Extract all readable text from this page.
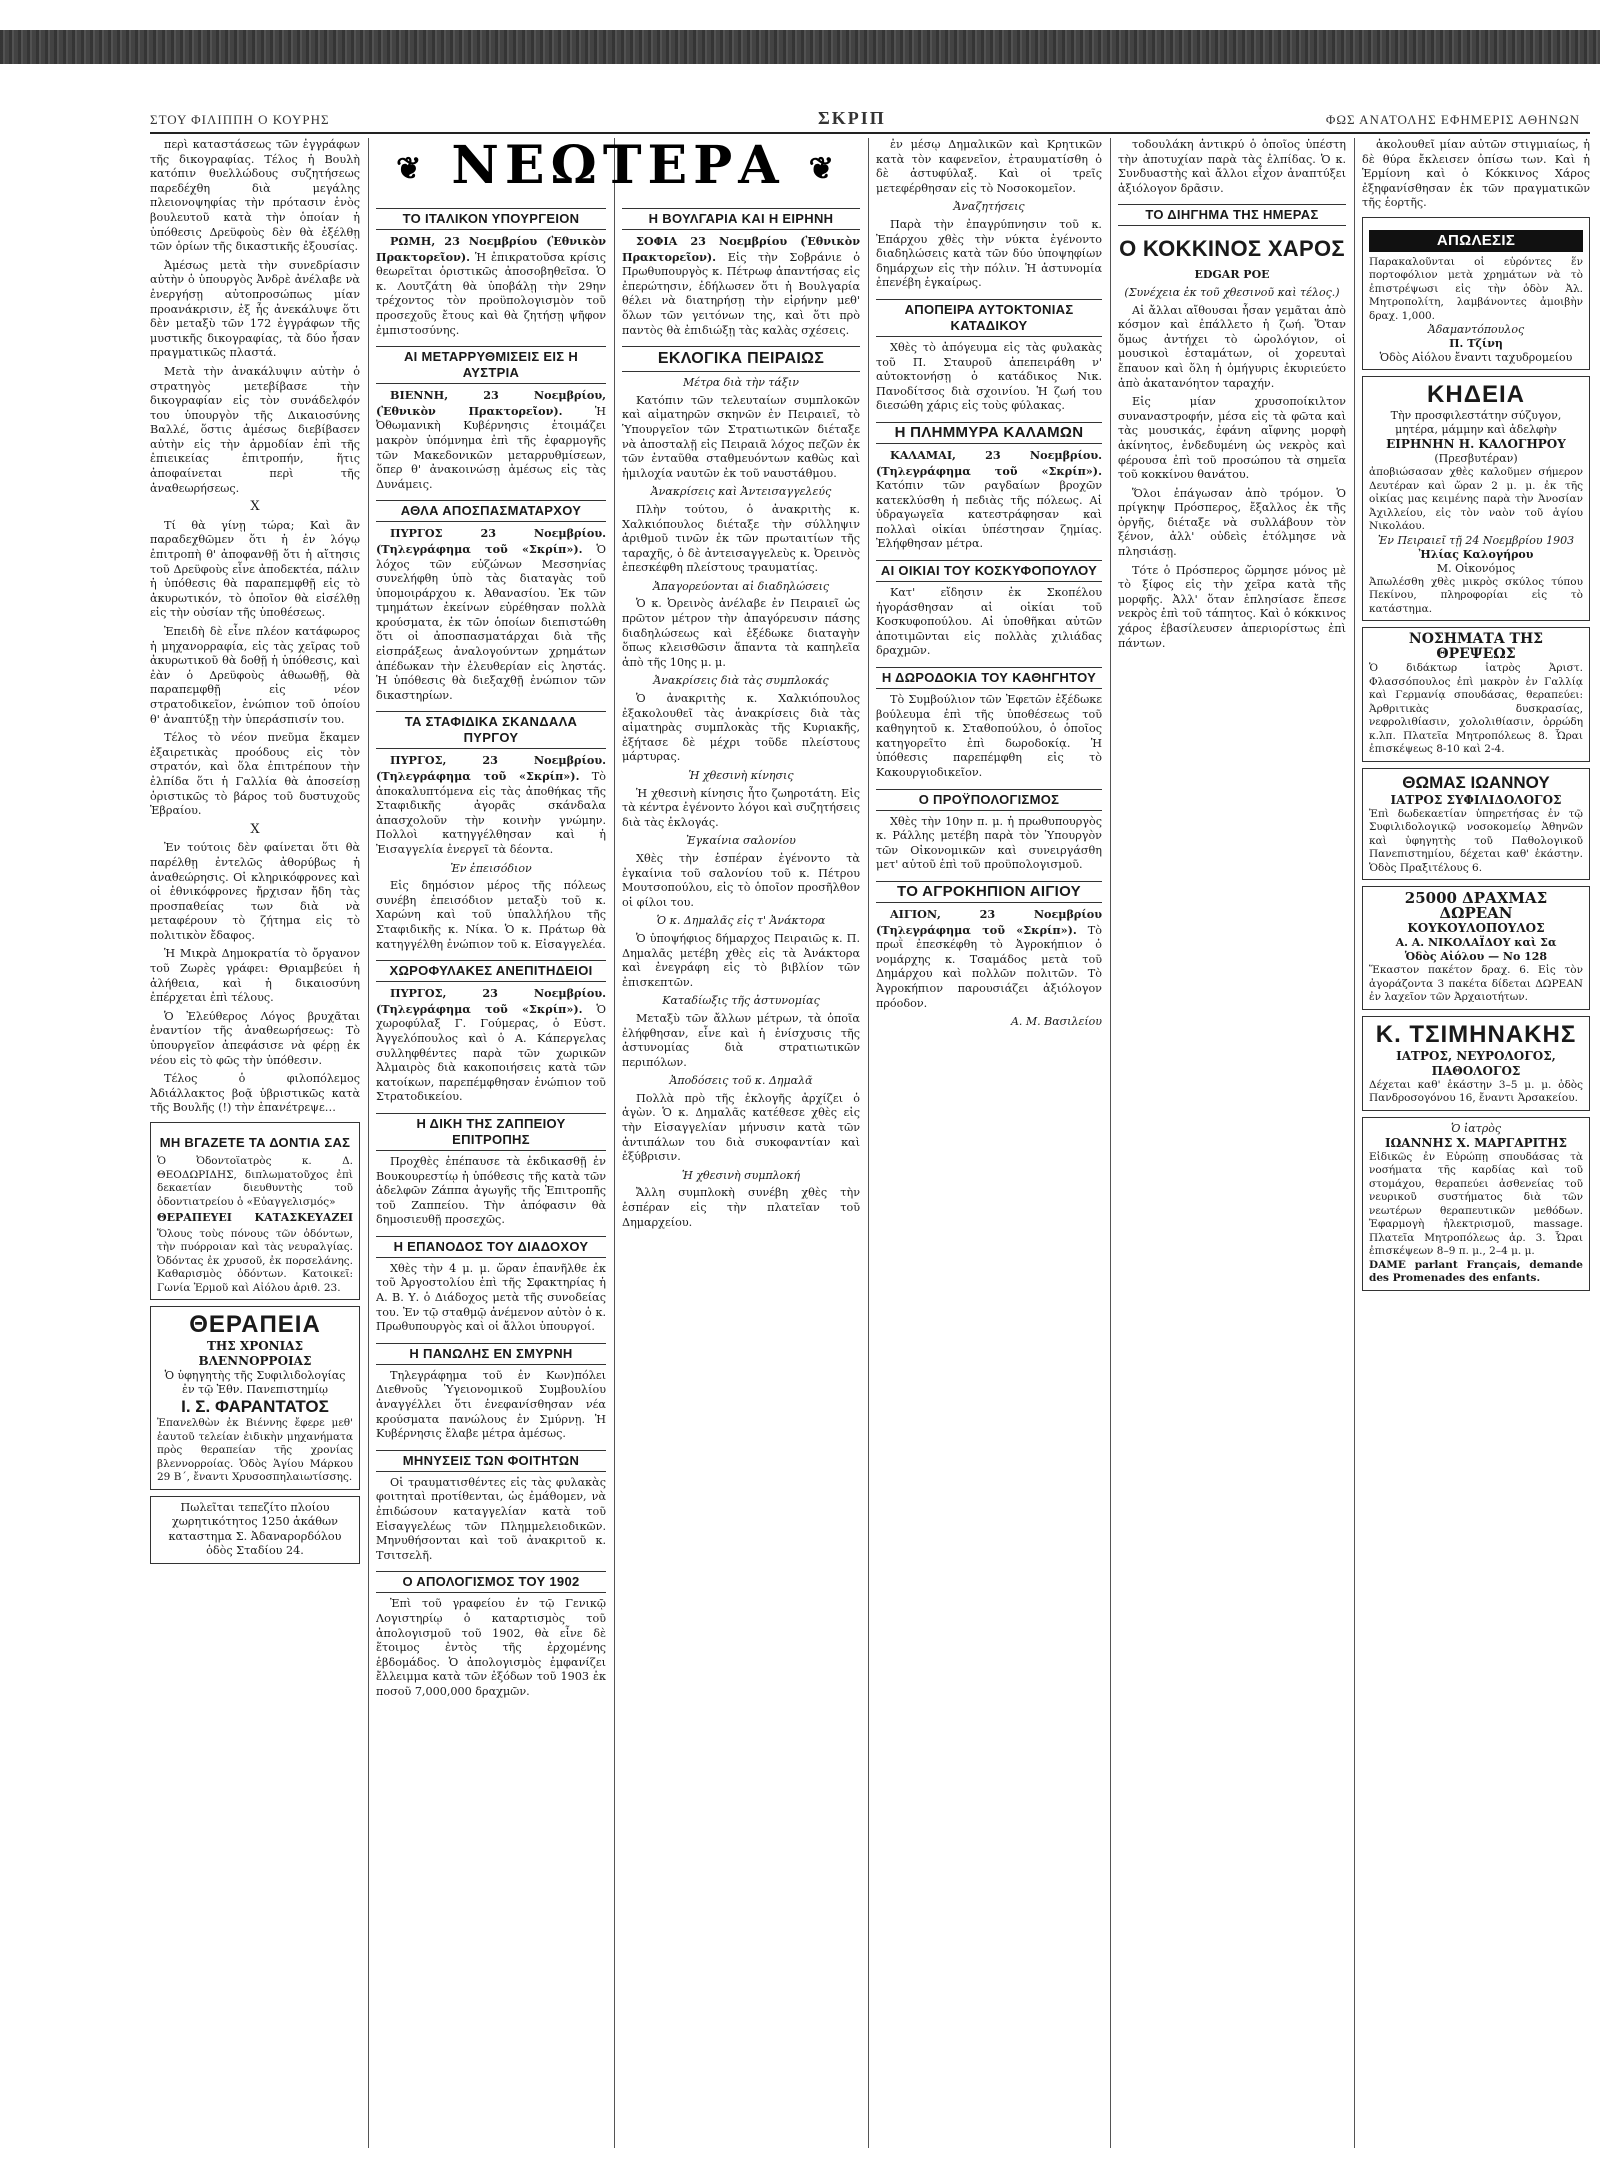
ΣΤΟΥ ΦΙΛΙΠΠΗ Ο ΚΟΥΡΗΣ	ΣΚΡΙΠ	ΦΩΣ ΑΝΑΤΟΛΗΣ ΕΦΗΜΕΡΙΣ ΑΘΗΝΩΝ
❦ ΝΕΩΤΕΡΑ ❦

περὶ καταστάσεως τῶν ἐγγράφων τῆς δικογραφίας. Τέλος ἡ Βουλὴ κατόπιν θυελλώδους συζητήσεως παρεδέχθη διὰ μεγάλης πλειονοψηφίας τὴν πρότασιν ἑνὸς βουλευτοῦ κατὰ τὴν ὁποίαν ἡ ὑπόθεσις Δρεϋφοὺς δὲν θὰ ἐξέλθῃ τῶν ὁρίων τῆς δικαστικῆς ἐξουσίας.

Ἀμέσως μετὰ τὴν συνεδρίασιν αὐτὴν ὁ ὑπουργὸς Ἀνδρὲ ἀνέλαβε νὰ ἐνεργήσῃ αὐτοπροσώπως μίαν προανάκρισιν, ἐξ ἧς ἀνεκάλυψε ὅτι δὲν μεταξὺ τῶν 172 ἐγγράφων τῆς μυστικῆς δικογραφίας, τὰ δύο ἦσαν πραγματικῶς πλαστά.

Μετὰ τὴν ἀνακάλυψιν αὐτὴν ὁ στρατηγὸς μετεβίβασε τὴν δικογραφίαν εἰς τὸν συνάδελφόν του ὑπουργὸν τῆς Δικαιοσύνης Βαλλέ, ὅστις ἀμέσως διεβίβασεν αὐτὴν εἰς τὴν ἁρμοδίαν ἐπὶ τῆς ἐπιεικείας ἐπιτροπήν, ἥτις ἀποφαίνεται περὶ τῆς ἀναθεωρήσεως.

Χ

Τί θὰ γίνῃ τώρα; Καὶ ἂν παραδεχθῶμεν ὅτι ἡ ἐν λόγῳ ἐπιτροπὴ θ' ἀποφανθῇ ὅτι ἡ αἴτησις τοῦ Δρεϋφοὺς εἶνε ἀποδεκτέα, πάλιν ἡ ὑπόθεσις θὰ παραπεμφθῇ εἰς τὸ ἀκυρωτικόν, τὸ ὁποῖον θὰ εἰσέλθῃ εἰς τὴν οὐσίαν τῆς ὑποθέσεως.

Ἐπειδὴ δὲ εἶνε πλέον κατάφωρος ἡ μηχανορραφία, εἰς τὰς χεῖρας τοῦ ἀκυρωτικοῦ θὰ δοθῇ ἡ ὑπόθεσις, καὶ ἐὰν ὁ Δρεϋφοὺς ἀθωωθῇ, θὰ παραπεμφθῇ εἰς νέον στρατοδικεῖον, ἐνώπιον τοῦ ὁποίου θ' ἀναπτύξῃ τὴν ὑπεράσπισίν του.

Τέλος τὸ νέον πνεῦμα ἔκαμεν ἐξαιρετικὰς προόδους εἰς τὸν στρατόν, καὶ ὅλα ἐπιτρέπουν τὴν ἐλπίδα ὅτι ἡ Γαλλία θὰ ἀποσείσῃ ὁριστικῶς τὸ βάρος τοῦ δυστυχοῦς Ἑβραίου.

Χ

Ἐν τούτοις δὲν φαίνεται ὅτι θὰ παρέλθῃ ἐντελῶς ἀθορύβως ἡ ἀναθεώρησις. Οἱ κληρικόφρονες καὶ οἱ ἐθνικόφρονες ἤρχισαν ἤδη τὰς προσπαθείας των διὰ νὰ μεταφέρουν τὸ ζήτημα εἰς τὸ πολιτικὸν ἔδαφος.

Ἡ Μικρὰ Δημοκρατία τὸ ὄργανον τοῦ Ζωρὲς γράφει: Θριαμβεύει ἡ ἀλήθεια, καὶ ἡ δικαιοσύνη ἐπέρχεται ἐπὶ τέλους.

Ὁ Ἐλεύθερος Λόγος βρυχᾶται ἐναντίον τῆς ἀναθεωρήσεως: Τὸ ὑπουργεῖον ἀπεφάσισε νὰ φέρῃ ἐκ νέου εἰς τὸ φῶς τὴν ὑπόθεσιν.

Τέλος ὁ φιλοπόλεμος Ἀδιάλλακτος βοᾷ ὑβριστικῶς κατὰ τῆς Βουλῆς (!) τὴν ἐπανέτρεψε…

ΜΗ ΒΓΑΖΕΤΕ ΤΑ ΔΟΝΤΙΑ ΣΑΣ
Ὁ Ὀδοντοϊατρὸς κ. Δ. ΘΕΟΔΩΡΙΔΗΣ, διπλωματοῦχος ἐπὶ δεκαετίαν διευθυντὴς τοῦ ὀδοντιατρείου ὁ «Εὐαγγελισμός»
ΘΕΡΑΠΕΥΕΙ ΚΑΤΑΣΚΕΥΑΖΕΙ
Ὅλους τοὺς πόνους τῶν ὀδόντων, τὴν πυόρροιαν καὶ τὰς νευραλγίας. Ὀδόντας ἐκ χρυσοῦ, ἐκ πορσελάνης. Καθαρισμὸς ὀδόντων. Κατοικεῖ: Γωνία Ἑρμοῦ καὶ Αἰόλου ἀριθ. 23.
ΘΕΡΑΠΕΙΑ
ΤΗΣ ΧΡΟΝΙΑΣ ΒΛΕΝΝΟΡΡΟΙΑΣ
Ὁ ὑφηγητὴς τῆς Συφιλιδολογίας ἐν τῷ Ἐθν. Πανεπιστημίῳ
Ι. Σ. ΦΑΡΑΝΤΑΤΟΣ
Ἐπανελθὼν ἐκ Βιέννης ἔφερε μεθ' ἑαυτοῦ τελείαν ἐιδικὴν μηχανήματα πρὸς θεραπείαν τῆς χρονίας βλεννορροίας. Ὁδὸς Ἁγίου Μάρκου 29 Β΄, ἔναντι Χρυσοσπηλαιωτίσσης.
Πωλεῖται τεπεζίτο πλοίου χωρητικότητος 1250 ἀκάθων καταστημα Σ. Ἀδαναρορδόλου ὁδὸς Σταδίου 24.
ΤΟ ΙΤΑΛΙΚΟΝ ΥΠΟΥΡΓΕΙΟΝ

ΡΩΜΗ, 23 Νοεμβρίου (Ἐθνικὸν Πρακτορεῖον). Ἡ ἐπικρατοῦσα κρίσις θεωρεῖται ὁριστικῶς ἀποσοβηθεῖσα. Ὁ κ. Λουτζάτη θὰ ὑποβάλῃ τὴν 29ην τρέχοντος τὸν προϋπολογισμὸν τοῦ προσεχοῦς ἔτους καὶ θὰ ζητήσῃ ψῆφον ἐμπιστοσύνης.

ΑΙ ΜΕΤΑΡΡΥΘΜΙΣΕΙΣ ΕΙΣ Η ΑΥΣΤΡΙΑ

ΒΙΕΝΝΗ, 23 Νοεμβρίου, (Ἐθνικὸν Πρακτορεῖον).	Ἡ Ὀθωμανικὴ Κυβέρνησις ἑτοιμάζει μακρὸν ὑπόμνημα ἐπὶ τῆς ἐφαρμογῆς τῶν Μακεδονικῶν μεταρρυθμίσεων, ὅπερ θ' ἀνακοινώσῃ ἀμέσως εἰς τὰς Δυνάμεις.

ΑΘΛΑ ΑΠΟΣΠΑΣΜΑΤΑΡΧΟΥ

ΠΥΡΓΟΣ 23 Νοεμβρίου. (Τηλεγράφημα τοῦ «Σκρίπ»). Ὁ λόχος τῶν εὐζώνων Μεσσηνίας συνελήφθη ὑπὸ τὰς διαταγὰς τοῦ ὑπομοιράρχου κ. Ἀθανασίου. Ἐκ τῶν τμημάτων ἐκείνων εὐρέθησαν πολλὰ κρούσματα, ἐκ τῶν ὁποίων διεπιστώθη ὅτι οἱ ἀποσπασματάρχαι διὰ τῆς εἰσπράξεως ἀναλογούντων χρημάτων ἀπέδωκαν τὴν ἐλευθερίαν εἰς ληστάς. Ἡ ὑπόθεσις θὰ διεξαχθῇ ἐνώπιον τῶν δικαστηρίων.

ΤΑ ΣΤΑΦΙΔΙΚΑ ΣΚΑΝΔΑΛΑ ΠΥΡΓΟΥ

ΠΥΡΓΟΣ, 23 Νοεμβρίου. (Τηλεγράφημα τοῦ «Σκρίπ»). Τὸ ἀποκαλυπτόμενα εἰς τὰς ἀποθήκας τῆς Σταφιδικῆς ἀγορᾶς σκάνδαλα ἀπασχολοῦν τὴν κοινὴν γνώμην. Πολλοὶ κατηγγέλθησαν καὶ ἡ Ἐισαγγελία ἐνεργεῖ τὰ δέοντα.

Ἐν ἐπεισόδιον

Εἰς δημόσιον μέρος τῆς πόλεως συνέβη ἐπεισόδιον μεταξὺ τοῦ κ. Χαρώνη καὶ τοῦ ὑπαλλήλου τῆς Σταφιδικῆς κ. Νίκα. Ὁ κ. Πράτωρ θὰ κατηγγέλθη ἐνώπιον τοῦ κ. Εἰσαγγελέα.

ΧΩΡΟΦΥΛΑΚΕΣ ΑΝΕΠΙΤΗΔΕΙΟΙ

ΠΥΡΓΟΣ, 23 Νοεμβρίου. (Τηλεγράφημα τοῦ «Σκρίπ»). Ὁ χωροφύλαξ Γ. Γούμερας, ὁ Εὐστ. Ἀγγελόπουλος καὶ ὁ Α. Κάπεργελας συλληφθέντες παρὰ τῶν χωρικῶν Ἀλμαιρὸς διὰ κακοποιήσεις κατὰ τῶν κατοίκων, παρεπέμφθησαν ἐνώπιον τοῦ Στρατοδικείου.

Η ΔΙΚΗ ΤΗΣ ΖΑΠΠΕΙΟΥ ΕΠΙΤΡΟΠΗΣ

Προχθὲς ἐπέπαυσε τὰ ἐκδικασθῇ ἐν Βουκουρεστίῳ ἡ ὑπόθεσις τῆς κατὰ τῶν ἀδελφῶν Ζάππα ἀγωγῆς τῆς Ἐπιτροπῆς τοῦ Ζαππείου. Τὴν ἀπόφασιν θὰ δημοσιευθῇ προσεχῶς.

Η ΕΠΑΝΟΔΟΣ ΤΟΥ ΔΙΑΔΟΧΟΥ

Χθὲς τὴν 4 μ. μ. ὥραν ἐπανῆλθε ἐκ τοῦ Ἀργοστολίου ἐπὶ τῆς Σφακτηρίας ἡ Α. Β. Υ. ὁ Διάδοχος μετὰ τῆς συνοδείας του. Ἐν τῷ σταθμῷ ἀνέμενον αὐτὸν ὁ κ. Πρωθυπουργὸς καὶ οἱ ἄλλοι ὑπουργοί.

Η ΠΑΝΩΛΗΣ ΕΝ ΣΜΥΡΝΗ

Τηλεγράφημα τοῦ ἐν Κων)πόλει Διεθνοῦς Ὑγειονομικοῦ Συμβουλίου ἀναγγέλλει ὅτι ἐνεφανίσθησαν νέα κρούσματα πανώλους ἐν Σμύρνῃ. Ἡ Κυβέρνησις ἔλαβε μέτρα ἀμέσως.

ΜΗΝΥΣΕΙΣ ΤΩΝ ΦΟΙΤΗΤΩΝ

Οἱ τραυματισθέντες εἰς τὰς φυλακὰς φοιτηταὶ προτίθενται, ὡς ἐμάθομεν, νὰ ἐπιδώσουν καταγγελίαν κατὰ τοῦ Εἰσαγγελέως τῶν Πλημμελειοδικῶν. Μηνυθήσονται καὶ τοῦ ἀνακριτοῦ κ. Τσιτσελῆ.

Ο ΑΠΟΛΟΓΙΣΜΟΣ ΤΟΥ 1902

Ἐπὶ τοῦ γραφείου ἐν τῷ Γενικῷ Λογιστηρίῳ ὁ καταρτισμὸς τοῦ ἀπολογισμοῦ τοῦ 1902, θὰ εἶνε δὲ ἕτοιμος ἐντὸς τῆς ἐρχομένης ἑβδομάδος. Ὁ ἀπολογισμὸς ἐμφανίζει ἔλλειμμα κατὰ τῶν ἐξόδων τοῦ 1903 ἐκ ποσοῦ 7,000,000 δραχμῶν.

Η ΒΟΥΛΓΑΡΙΑ ΚΑΙ Η ΕΙΡΗΝΗ

ΣΟΦΙΑ 23 Νοεμβρίου (Ἐθνικὸν Πρακτορεῖον). Εἰς τὴν Σοβράνιε ὁ Πρωθυπουργὸς κ. Πέτρωφ ἀπαντήσας εἰς ἐπερώτησιν, ἐδήλωσεν ὅτι ἡ Βουλγαρία θέλει νὰ διατηρήσῃ τὴν εἰρήνην μεθ' ὅλων τῶν γειτόνων της, καὶ ὅτι πρὸ παντὸς θὰ ἐπιδιώξῃ τὰς καλὰς σχέσεις.

ΕΚΛΟΓΙΚΑ ΠΕΙΡΑΙΩΣ
Μέτρα διὰ τὴν τάξιν

Κατόπιν τῶν τελευταίων συμπλοκῶν καὶ αἱματηρῶν σκηνῶν ἐν Πειραιεῖ, τὸ Ὑπουργεῖον τῶν Στρατιωτικῶν διέταξε νὰ ἀποσταλῇ εἰς Πειραιᾶ λόχος πεζῶν ἐκ τῶν ἐνταῦθα σταθμευόντων καθὼς καὶ ἡμιλοχία ναυτῶν ἐκ τοῦ ναυστάθμου.

Ἀνακρίσεις καὶ Ἀντεισαγγελεύς

Πλὴν τούτου, ὁ ἀνακριτὴς κ. Χαλκιόπουλος διέταξε τὴν σύλληψιν ἀριθμοῦ τινῶν ἐκ τῶν πρωταιτίων τῆς ταραχῆς, ὁ δὲ ἀντεισαγγελεὺς κ. Ὀρεινὸς ἐπεσκέφθη πλείστους τραυματίας.

Ἀπαγορεύονται αἱ διαδηλώσεις

Ὁ κ. Ὀρεινὸς ἀνέλαβε ἐν Πειραιεῖ ὡς πρῶτον μέτρον τὴν ἀπαγόρευσιν πάσης διαδηλώσεως καὶ ἐξέδωκε διαταγὴν ὅπως κλεισθῶσιν ἅπαντα τὰ καπηλεῖα ἀπὸ τῆς 10ης μ. μ.

Ἀνακρίσεις διὰ τὰς συμπλοκάς

Ὁ ἀνακριτὴς κ. Χαλκιόπουλος ἐξακολουθεῖ τὰς ἀνακρίσεις διὰ τὰς αἱματηρὰς συμπλοκὰς τῆς Κυριακῆς, ἐξήτασε δὲ μέχρι τοῦδε πλείστους μάρτυρας.

Ἡ χθεσινὴ κίνησις

Ἡ χθεσινὴ κίνησις ἦτο ζωηροτάτη. Εἰς τὰ κέντρα ἐγένοντο λόγοι καὶ συζητήσεις διὰ τὰς ἐκλογάς.

Ἐγκαίνια σαλονίου

Χθὲς τὴν ἑσπέραν ἐγένοντο τὰ ἐγκαίνια τοῦ σαλονίου τοῦ κ. Πέτρου Μουτσοπούλου, εἰς τὸ ὁποῖον προσῆλθον οἱ φίλοι του.

Ὁ κ. Δημαλᾶς εἰς τ' Ἀνάκτορα

Ὁ ὑποψήφιος δήμαρχος Πειραιῶς κ. Π. Δημαλᾶς μετέβη χθὲς εἰς τὰ Ἀνάκτορα καὶ ἐνεγράφη εἰς τὸ βιβλίον τῶν ἐπισκεπτῶν.

Καταδίωξις τῆς ἀστυνομίας

Μεταξὺ τῶν ἄλλων μέτρων, τὰ ὁποῖα ἐλήφθησαν, εἶνε καὶ ἡ ἐνίσχυσις τῆς ἀστυνομίας διὰ στρατιωτικῶν περιπόλων.

Ἀποδόσεις τοῦ κ. Δημαλᾶ

Πολλὰ πρὸ τῆς ἐκλογῆς ἀρχίζει ὁ ἀγὼν. Ὁ κ. Δημαλᾶς κατέθεσε χθὲς εἰς τὴν Εἰσαγγελίαν μήνυσιν κατὰ τῶν ἀντιπάλων του διὰ συκοφαντίαν καὶ ἐξύβρισιν.

Ἡ χθεσινὴ συμπλοκή

Ἄλλη συμπλοκὴ συνέβη χθὲς τὴν ἑσπέραν εἰς τὴν πλατεῖαν τοῦ Δημαρχείου.

ἐν μέσῳ Δημαλικῶν καὶ Κρητικῶν κατὰ τὸν καφενεῖον, ἐτραυματίσθη ὁ δὲ ἀστυφύλαξ. Καὶ οἱ τρεῖς μετεφέρθησαν εἰς τὸ Νοσοκομεῖον.

Ἀναζητήσεις

Παρὰ τὴν ἐπαγρύπνησιν τοῦ κ. Ἐπάρχου χθὲς τὴν νύκτα ἐγένοντο διαδηλώσεις κατὰ τῶν δύο ὑποψηφίων δημάρχων εἰς τὴν πόλιν. Ἡ ἀστυνομία ἐπενέβη ἐγκαίρως.

ΑΠΟΠΕΙΡΑ ΑΥΤΟΚΤΟΝΙΑΣ ΚΑΤΑΔΙΚΟΥ

Χθὲς τὸ ἀπόγευμα εἰς τὰς φυλακὰς τοῦ Π. Σταυροῦ ἀπεπειράθη ν' αὐτοκτονήσῃ ὁ κατάδικος Νικ. Πανοδίτσος διὰ σχοινίου. Ἡ ζωή του διεσώθη χάρις εἰς τοὺς φύλακας.

Η ΠΛΗΜΜΥΡΑ ΚΑΛΑΜΩΝ

ΚΑΛΑΜΑΙ, 23 Νοεμβρίου. (Τηλεγράφημα τοῦ «Σκρίπ»). Κατόπιν τῶν ραγδαίων βροχῶν κατεκλύσθη ἡ πεδιὰς τῆς πόλεως. Αἱ ὑδραγωγεῖα κατεστράφησαν καὶ πολλαὶ οἰκίαι ὑπέστησαν ζημίας. Ἐλήφθησαν μέτρα.

ΑΙ ΟΙΚΙΑΙ ΤΟΥ ΚΟΣΚΥΦΟΠΟΥΛΟΥ

Κατ' εἴδησιν ἐκ Σκοπέλου ἠγοράσθησαν αἱ οἰκίαι τοῦ Κοσκυφοπούλου. Αἱ ὑποθῆκαι αὐτῶν ἀποτιμῶνται εἰς πολλὰς χιλιάδας δραχμῶν.

Η ΔΩΡΟΔΟΚΙΑ ΤΟΥ ΚΑΘΗΓΗΤΟΥ

Τὸ Συμβούλιον τῶν Ἐφετῶν ἐξέδωκε βούλευμα ἐπὶ τῆς ὑποθέσεως τοῦ καθηγητοῦ κ. Σταθοπούλου, ὁ ὁποῖος κατηγορεῖτο ἐπὶ δωροδοκίᾳ. Ἡ ὑπόθεσις παρεπέμφθη εἰς τὸ Κακουργιοδικεῖον.

Ο ΠΡΟΫΠΟΛΟΓΙΣΜΟΣ

Χθὲς τὴν 10ην π. μ. ἡ πρωθυπουργὸς κ. Ράλλης μετέβη παρὰ τὸν Ὑπουργὸν τῶν Οἰκονομικῶν καὶ συνειργάσθη μετ' αὐτοῦ ἐπὶ τοῦ προϋπολογισμοῦ.

ΤΟ ΑΓΡΟΚΗΠΙΟΝ ΑΙΓΙΟΥ

ΑΙΓΙΟΝ, 23 Νοεμβρίου (Τηλεγράφημα τοῦ «Σκρίπ»). Τὸ πρωῒ ἐπεσκέφθη τὸ Ἀγροκήπιον ὁ νομάρχης κ. Τσαμάδος μετὰ τοῦ Δημάρχου καὶ πολλῶν πολιτῶν. Τὸ Ἀγροκήπιον παρουσιάζει ἀξιόλογον πρόοδον.

Α. Μ. Βασιλείου

τοδουλάκη ἀντικρύ ὁ ὁποῖος ὑπέστη τὴν ἀποτυχίαν παρὰ τὰς ἐλπίδας. Ὁ κ. Συνδυαστὴς καὶ ἄλλοι εἶχον ἀναπτύξει ἀξιόλογον δρᾶσιν.

ΤΟ ΔΙΗΓΗΜΑ ΤΗΣ ΗΜΕΡΑΣ
Ο ΚΟΚΚΙΝΟΣ ΧΑΡΟΣ
EDGAR POE
(Συνέχεια ἐκ τοῦ χθεσινοῦ καὶ τέλος.)

Αἱ ἄλλαι αἴθουσαι ἦσαν γεμᾶται ἀπὸ κόσμον καὶ ἐπάλλετο ἡ ζωή. Ὅταν ὅμως ἀντήχει τὸ ὡρολόγιον, οἱ μουσικοὶ ἐσταμάτων, οἱ χορευταὶ ἔπαυον καὶ ὅλη ἡ ὁμήγυρις ἐκυριεύετο ἀπὸ ἀκατανόητον ταραχήν.

Εἰς μίαν χρυσοποίκιλτον συναναστροφήν, μέσα εἰς τὰ φῶτα καὶ τὰς μουσικάς, ἐφάνη αἴφνης μορφὴ ἀκίνητος, ἐνδεδυμένη ὡς νεκρὸς καὶ φέρουσα ἐπὶ τοῦ προσώπου τὰ σημεῖα τοῦ κοκκίνου θανάτου.

Ὅλοι ἐπάγωσαν ἀπὸ τρόμον. Ὁ πρίγκηψ Πρόσπερος, ἔξαλλος ἐκ τῆς ὀργῆς, διέταξε νὰ συλλάβουν τὸν ξένον, ἀλλ' οὐδεὶς ἐτόλμησε νὰ πλησιάσῃ.

Τότε ὁ Πρόσπερος ὥρμησε μόνος μὲ τὸ ξίφος εἰς τὴν χεῖρα κατὰ τῆς μορφῆς. Ἀλλ' ὅταν ἐπλησίασε ἔπεσε νεκρὸς ἐπὶ τοῦ τάπητος. Καὶ ὁ κόκκινος χάρος ἐβασίλευσεν ἀπεριορίστως ἐπὶ πάντων.

ἀκολουθεῖ μίαν αὐτῶν στιγμιαίως, ἡ δὲ θύρα ἔκλεισεν ὀπίσω των. Καὶ ἡ Ἑρμίονη καὶ ὁ Κόκκινος Χάρος ἐξηφανίσθησαν ἐκ τῶν πραγματικῶν τῆς ἑορτῆς.

ΑΠΩΛΕΣΙΣ
Παρακαλοῦνται οἱ εὑρόντες ἕν πορτοφόλιον μετὰ χρημάτων νὰ τὸ ἐπιστρέψωσι εἰς τὴν ὁδὸν Ἀλ. Μητροπολίτη, λαμβάνοντες ἀμοιβὴν δραχ. 1,000.
Ἀδαμαντόπουλος
Π. Τζίνη
Ὁδὸς Αἰόλου ἔναντι ταχυδρομείου
ΚΗΔΕΙΑ
Τὴν προσφιλεστάτην σύζυγον, μητέρα, μάμμην καὶ ἀδελφὴν
ΕΙΡΗΝΗΝ Η. ΚΑΛΟΓΗΡΟΥ
(Πρεσβυτέραν)
ἀποβιώσασαν χθὲς καλοῦμεν σήμερον Δευτέραν καὶ ὥραν 2 μ. μ. ἐκ τῆς οἰκίας μας κειμένης παρὰ τὴν Ἀνοσίαν Ἀχιλλείου, εἰς τὸν ναὸν τοῦ ἁγίου Νικολάου.
Ἐν Πειραιεῖ τῇ 24 Νοεμβρίου 1903
Ἠλίας Καλογήρου
Μ. Οἰκονόμος
Ἀπωλέσθη χθὲς μικρὸς σκύλος τύπου Πεκίνου, πληροφορίαι εἰς τὸ κατάστημα.
ΝΟΣΗΜΑΤΑ ΤΗΣ ΘΡΕΨΕΩΣ
Ὁ διδάκτωρ ἰατρὸς Ἀριστ. Φλασσόπουλος ἐπὶ μακρὸν ἐν Γαλλίᾳ καὶ Γερμανίᾳ σπουδάσας, θεραπεύει: Ἀρθριτικὰς δυσκρασίας, νεφρολιθίασιν, χολολιθίασιν, ὀρρώδη κ.λπ. Πλατεῖα Μητροπόλεως 8. Ὧραι ἐπισκέψεως 8-10 καὶ 2-4.
ΘΩΜΑΣ ΙΩΑΝΝΟΥ
ΙΑΤΡΟΣ ΣΥΦΙΛΙΔΟΛΟΓΟΣ
Ἐπὶ δωδεκαετίαν ὑπηρετήσας ἐν τῷ Συφιλιδολογικῷ νοσοκομείῳ Ἀθηνῶν καὶ ὑφηγητὴς τοῦ Παθολογικοῦ Πανεπιστημίου, δέχεται καθ' ἑκάστην. Ὁδὸς Πραξιτέλους 6.
25000 ΔΡΑΧΜΑΣ ΔΩΡΕΑΝ
ΚΟΥΚΟΥΛΟΠΟΥΛΟΣ
Α. Α. ΝΙΚΟΛΑΪΔΟΥ καὶ Σα
Ὁδὸς Αἰόλου — Νο 128
Ἕκαστον πακέτον δραχ. 6. Εἰς τὸν ἀγοράζοντα 3 πακέτα δίδεται ΔΩΡΕΑΝ ἐν λαχεῖον τῶν Ἀρχαιοτήτων.
Κ. ΤΣΙΜΗΝΑΚΗΣ
ΙΑΤΡΟΣ, ΝΕΥΡΟΛΟΓΟΣ, ΠΑΘΟΛΟΓΟΣ
Δέχεται καθ' ἑκάστην 3–5 μ. μ. ὁδὸς Πανδροσογόνου 16, ἔναντι Ἀρσακείου.
Ὁ ἰατρὸς
ΙΩΑΝΝΗΣ Χ. ΜΑΡΓΑΡΙΤΗΣ
Εἰδικῶς ἐν Εὐρώπῃ σπουδάσας τὰ νοσήματα τῆς καρδίας καὶ τοῦ στομάχου, θεραπεύει ἀσθενείας τοῦ νευρικοῦ συστήματος διὰ τῶν νεωτέρων θεραπευτικῶν μεθόδων. Ἐφαρμογὴ ἠλεκτρισμοῦ, massage. Πλατεῖα Μητροπόλεως ἀρ. 3. Ὧραι ἐπισκέψεων 8–9 π. μ., 2–4 μ. μ.
DAME parlant Français, demande des Promenades des enfants.
